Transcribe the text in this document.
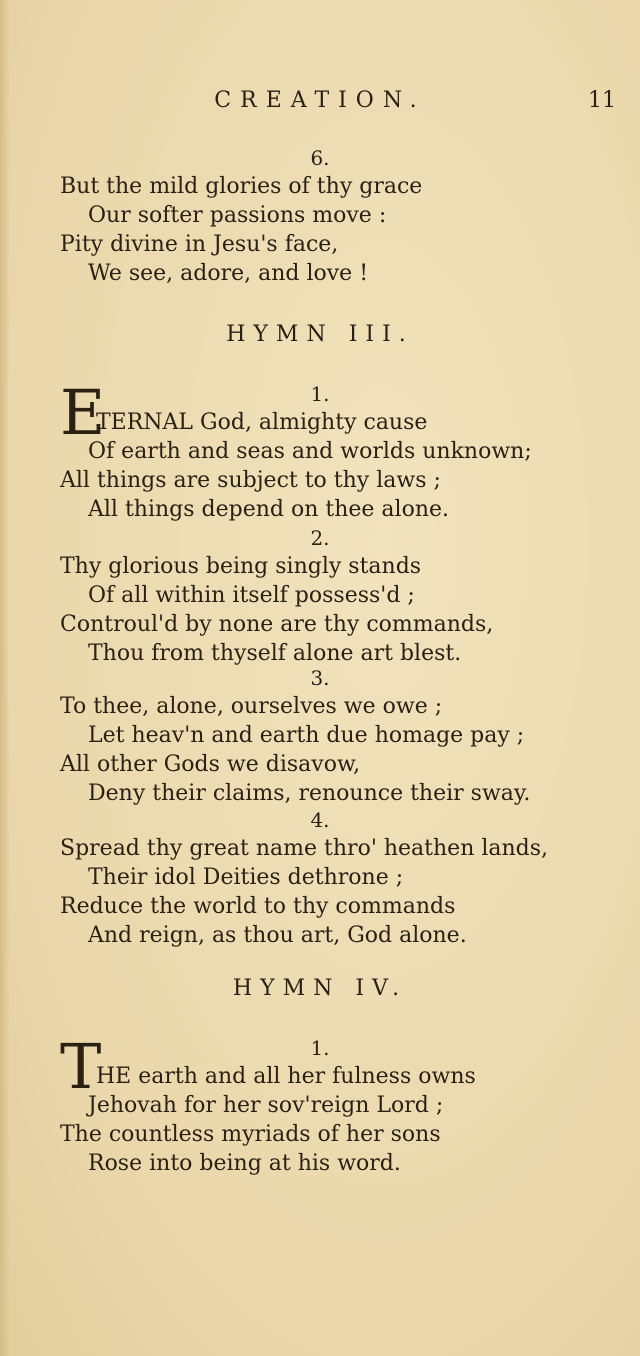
CREATION.	11
6.
But the mild glories of thy grace
Our softer passions move :
Pity divine in Jesu's face,
We see, adore, and love !
HYMN III.
1.
E
TERNAL God, almighty cause
Of earth and seas and worlds unknown;
All things are subject to thy laws ;
All things depend on thee alone.
2.
Thy glorious being singly stands
Of all within itself possess'd ;
Controul'd by none are thy commands,
Thou from thyself alone art blest.
3.
To thee, alone, ourselves we owe ;
Let heav'n and earth due homage pay ;
All other Gods we disavow,
Deny their claims, renounce their sway.
4.
Spread thy great name thro' heathen lands,
Their idol Deities dethrone ;
Reduce the world to thy commands
And reign, as thou art, God alone.
HYMN IV.
1.
T
HE earth and all her fulness owns
Jehovah for her sov'reign Lord ;
The countless myriads of her sons
Rose into being at his word.
